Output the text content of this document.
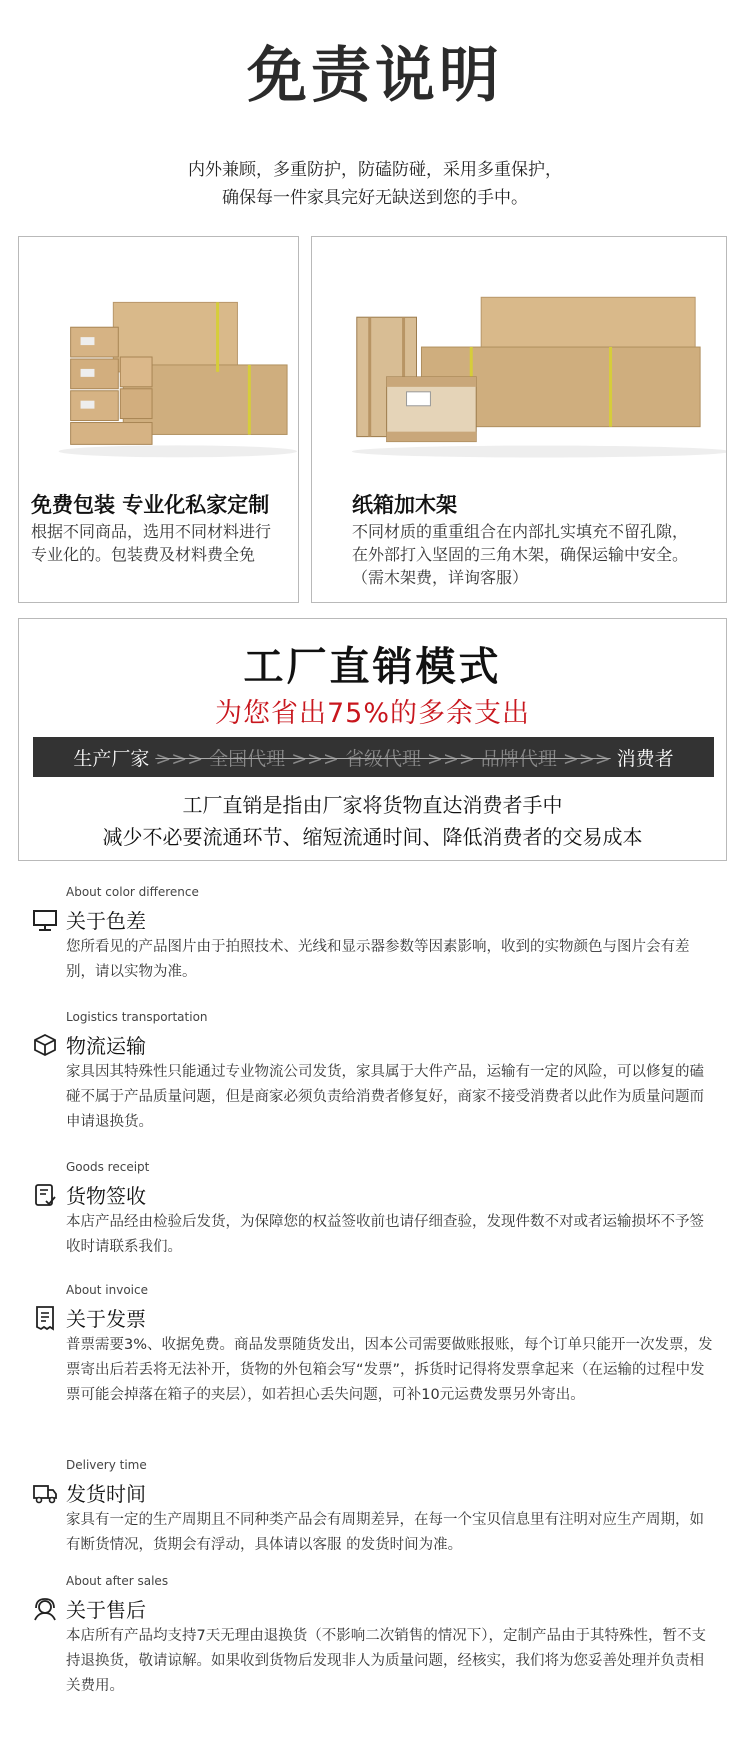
免责说明
内外兼顾，多重防护，防磕防碰，采用多重保护，
确保每一件家具完好无缺送到您的手中。
免费包装 专业化私家定制
根据不同商品，选用不同材料进行专业化的。包装费及材料费全免
纸箱加木架
不同材质的重重组合在内部扎实填充不留孔隙，在外部打入坚固的三角木架，确保运输中安全。（需木架费，详询客服）
工厂直销模式
为您省出75%的多余支出
生产厂家 >>> 全国代理 >>> 省级代理 >>> 品牌代理 >>> 消费者
工厂直销是指由厂家将货物直达消费者手中
减少不必要流通环节、缩短流通时间、降低消费者的交易成本
About color difference
关于色差
您所看见的产品图片由于拍照技术、光线和显示器参数等因素影响，收到的实物颜色与图片会有差别，请以实物为准。
Logistics transportation
物流运输
家具因其特殊性只能通过专业物流公司发货，家具属于大件产品，运输有一定的风险，可以修复的磕碰不属于产品质量问题，但是商家必须负责给消费者修复好，商家不接受消费者以此作为质量问题而申请退换货。
Goods receipt
货物签收
本店产品经由检验后发货，为保障您的权益签收前也请仔细查验，发现件数不对或者运输损坏不予签收时请联系我们。
About invoice
关于发票
普票需要3%、收据免费。商品发票随货发出，因本公司需要做账报账，每个订单只能开一次发票，发票寄出后若丢将无法补开，货物的外包箱会写“发票”，拆货时记得将发票拿起来（在运输的过程中发票可能会掉落在箱子的夹层），如若担心丢失问题，可补10元运费发票另外寄出。
Delivery time
发货时间
家具有一定的生产周期且不同种类产品会有周期差异，在每一个宝贝信息里有注明对应生产周期，如有断货情况，货期会有浮动，具体请以客服 的发货时间为准。
About after sales
关于售后
本店所有产品均支持7天无理由退换货（不影响二次销售的情况下），定制产品由于其特殊性，暂不支持退换货，敬请谅解。如果收到货物后发现非人为质量问题，经核实，我们将为您妥善处理并负责相关费用。
